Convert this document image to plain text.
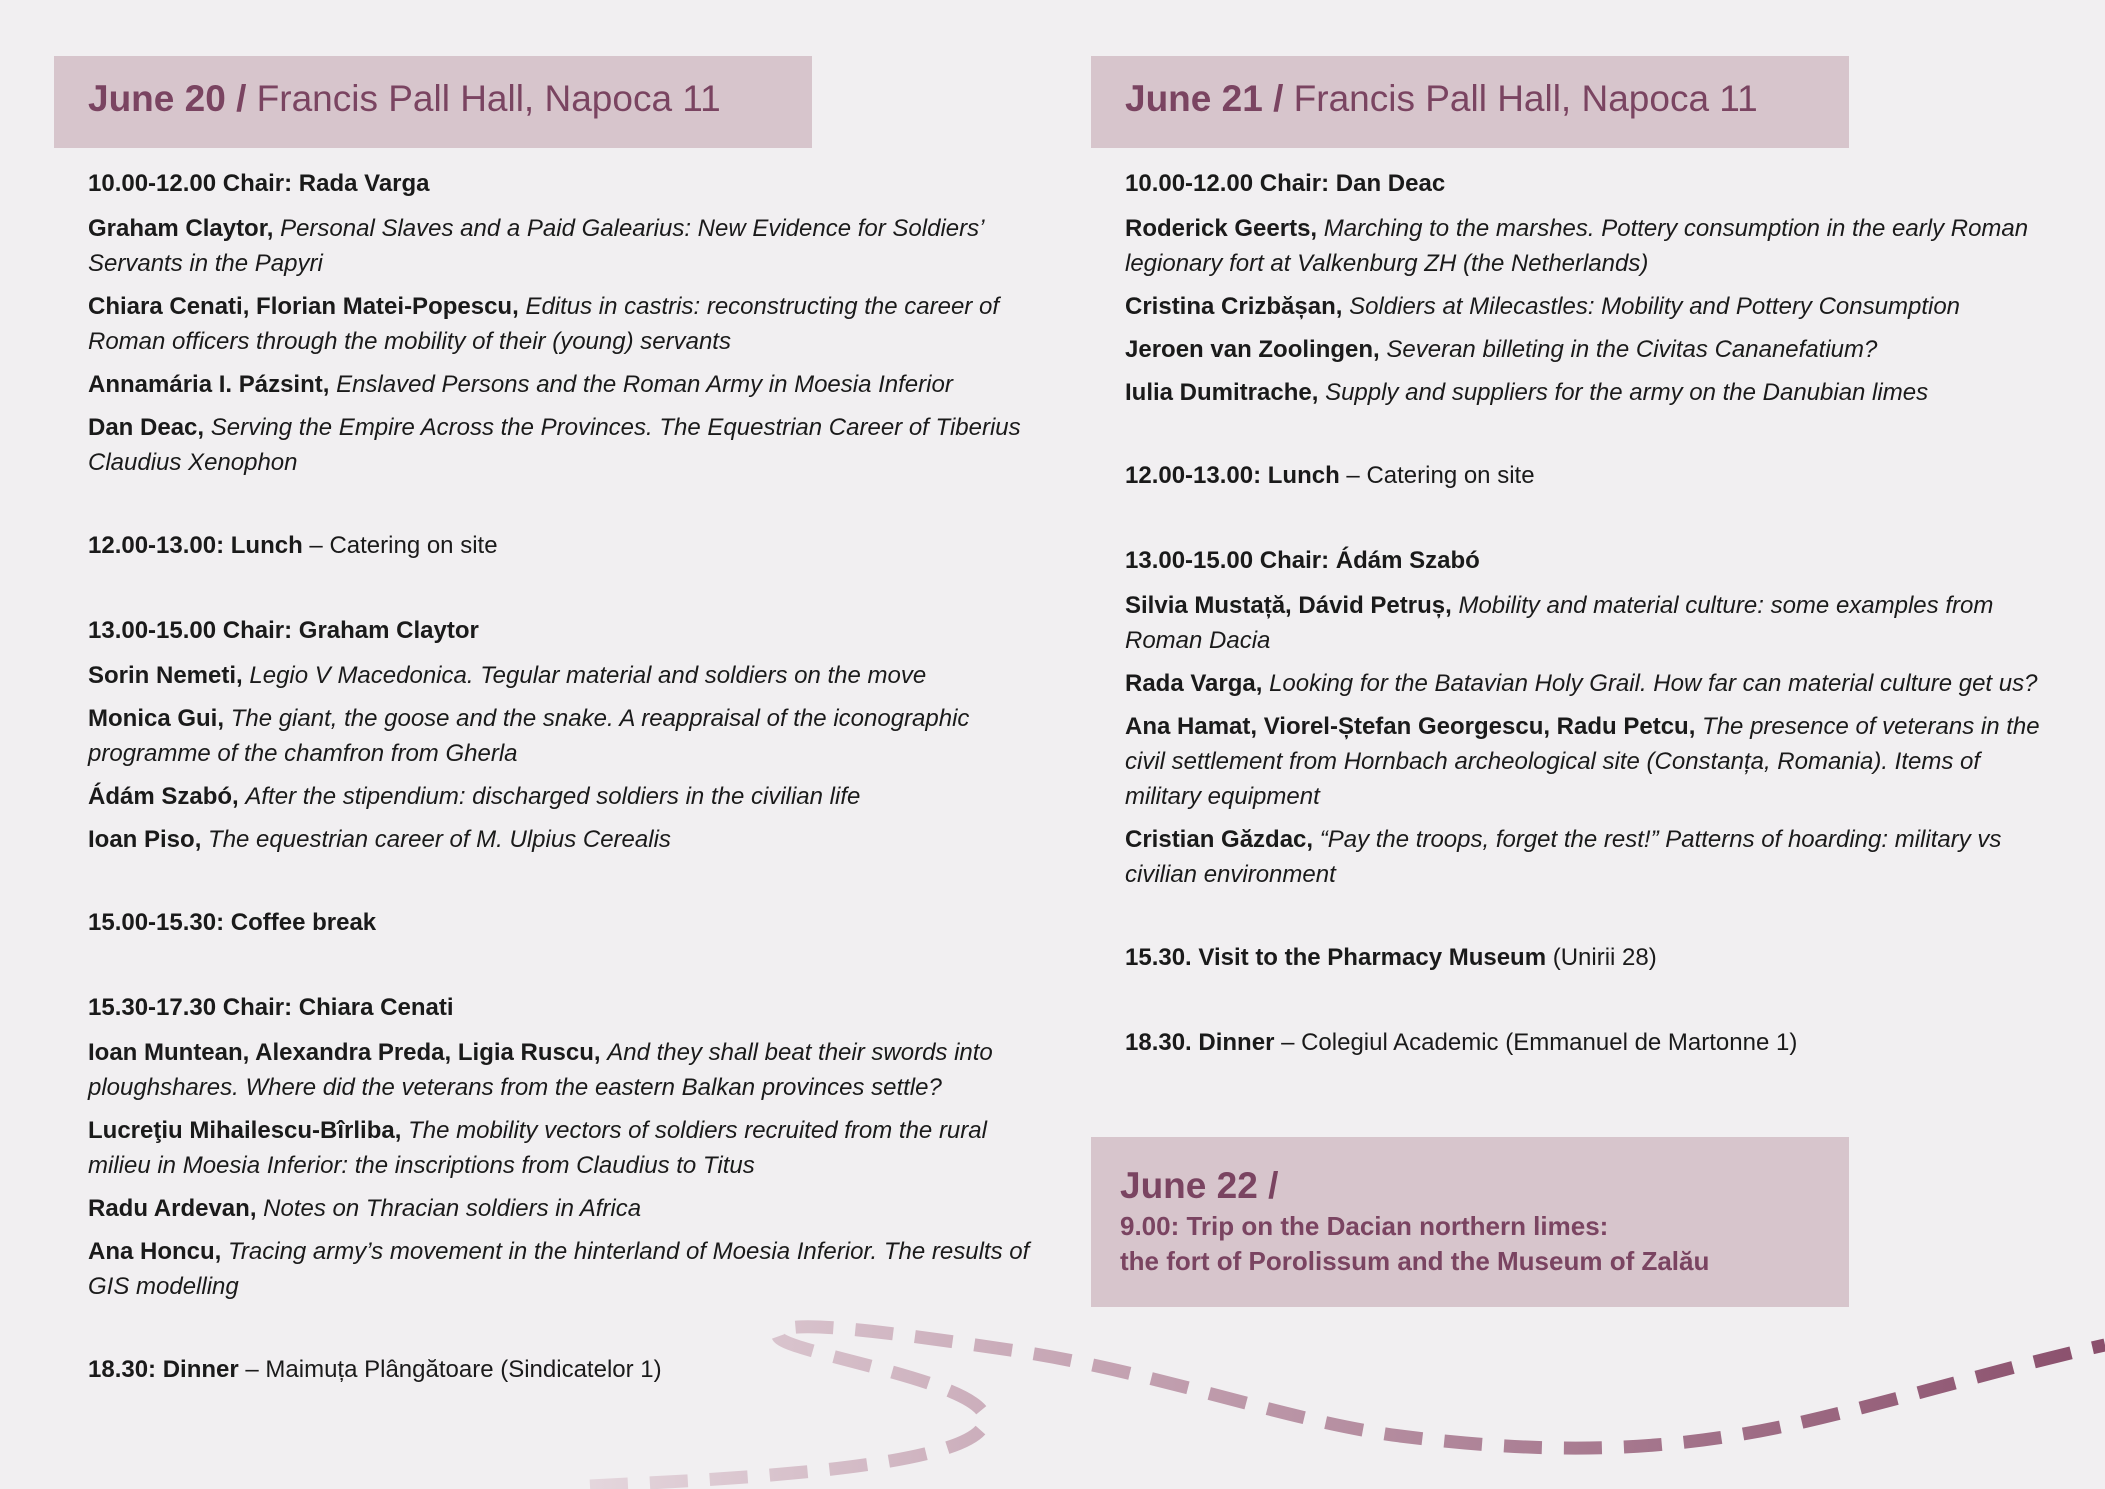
June 20 / Francis Pall Hall, Napoca 11
10.00-12.00 Chair: Rada Varga
Graham Claytor, Personal Slaves and a Paid Galearius: New Evidence for Soldiers’ Servants in the Papyri
Chiara Cenati, Florian Matei-Popescu, Editus in castris: reconstructing the career of Roman officers through the mobility of their (young) servants
Annamária I. Pázsint, Enslaved Persons and the Roman Army in Moesia Inferior
Dan Deac, Serving the Empire Across the Provinces. The Equestrian Career of Tiberius Claudius Xenophon
12.00-13.00: Lunch – Catering on site
13.00-15.00 Chair: Graham Claytor
Sorin Nemeti, Legio V Macedonica. Tegular material and soldiers on the move
Monica Gui, The giant, the goose and the snake. A reappraisal of the iconographic programme of the chamfron from Gherla
Ádám Szabó, After the stipendium: discharged soldiers in the civilian life
Ioan Piso, The equestrian career of M. Ulpius Cerealis
15.00-15.30: Coffee break
15.30-17.30 Chair: Chiara Cenati
Ioan Muntean, Alexandra Preda, Ligia Ruscu, And they shall beat their swords into ploughshares. Where did the veterans from the eastern Balkan provinces settle?
Lucreţiu Mihailescu-Bîrliba, The mobility vectors of soldiers recruited from the rural milieu in Moesia Inferior: the inscriptions from Claudius to Titus
Radu Ardevan, Notes on Thracian soldiers in Africa
Ana Honcu, Tracing army’s movement in the hinterland of Moesia Inferior. The results of GIS modelling
18.30: Dinner – Maimuța Plângătoare (Sindicatelor 1)
June 21 / Francis Pall Hall, Napoca 11
10.00-12.00 Chair: Dan Deac
Roderick Geerts, Marching to the marshes. Pottery consumption in the early Roman legionary fort at Valkenburg ZH (the Netherlands)
Cristina Crizbășan, Soldiers at Milecastles: Mobility and Pottery Consumption
Jeroen van Zoolingen, Severan billeting in the Civitas Cananefatium?
Iulia Dumitrache, Supply and suppliers for the army on the Danubian limes
12.00-13.00: Lunch – Catering on site
13.00-15.00 Chair: Ádám Szabó
Silvia Mustață, Dávid Petruș, Mobility and material culture: some examples from Roman Dacia
Rada Varga, Looking for the Batavian Holy Grail. How far can material culture get us?
Ana Hamat, Viorel-Ștefan Georgescu, Radu Petcu, The presence of veterans in the civil settlement from Hornbach archeological site (Constanța, Romania). Items of military equipment
Cristian Găzdac, “Pay the troops, forget the rest!” Patterns of hoarding: military vs civilian environment
15.30. Visit to the Pharmacy Museum (Unirii 28)
18.30. Dinner – Colegiul Academic (Emmanuel de Martonne 1)
June 22 /
9.00: Trip on the Dacian northern limes:
the fort of Porolissum and the Museum of Zalău
